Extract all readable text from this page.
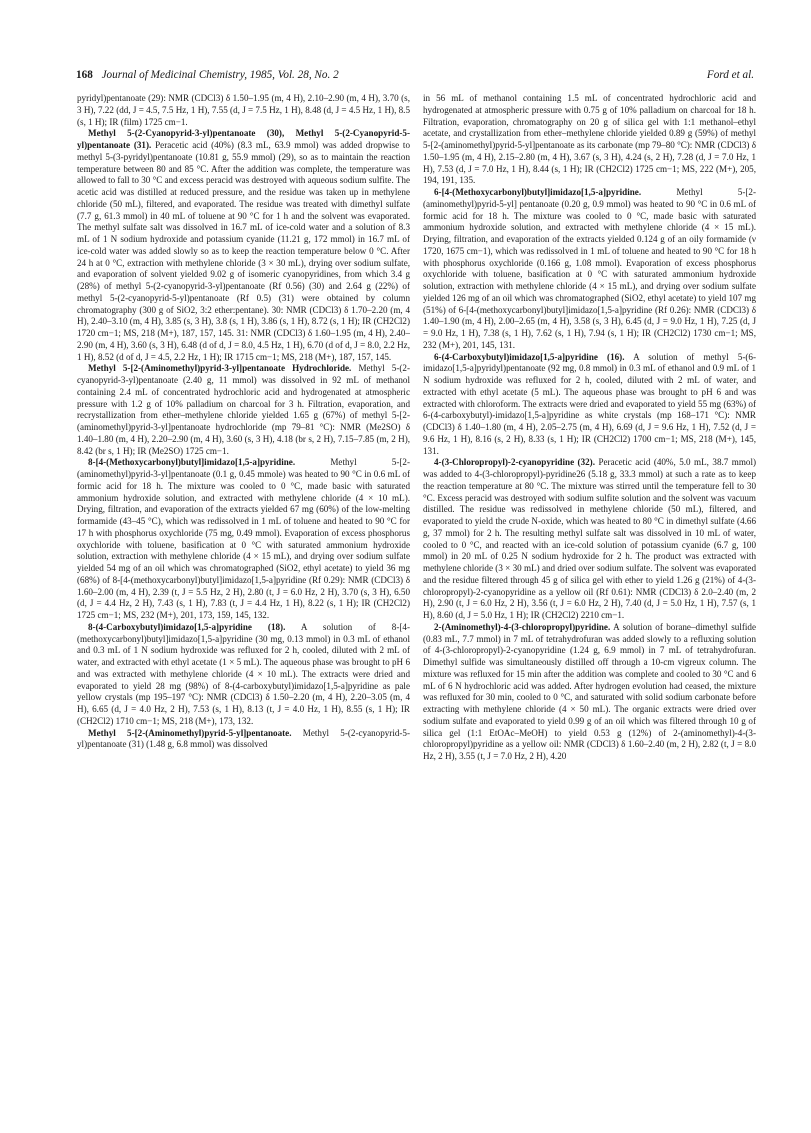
168 Journal of Medicinal Chemistry, 1985, Vol. 28, No. 2	Ford et al.

pyridyl)pentanoate (29): NMR (CDCl3) δ 1.50–1.95 (m, 4 H), 2.10–2.90 (m, 4 H), 3.70 (s, 3 H), 7.22 (dd, J = 4.5, 7.5 Hz, 1 H), 7.55 (d, J = 7.5 Hz, 1 H), 8.48 (d, J = 4.5 Hz, 1 H), 8.5 (s, 1 H); IR (film) 1725 cm−1.

Methyl 5-(2-Cyanopyrid-3-yl)pentanoate (30), Methyl 5-(2-Cyanopyrid-5-yl)pentanoate (31). Peracetic acid (40%) (8.3 mL, 63.9 mmol) was added dropwise to methyl 5-(3-pyridyl)pentanoate (10.81 g, 55.9 mmol) (29), so as to maintain the reaction temperature between 80 and 85 °C. After the addition was complete, the temperature was allowed to fall to 30 °C and excess peracid was destroyed with aqueous sodium sulfite. The acetic acid was distilled at reduced pressure, and the residue was taken up in methylene chloride (50 mL), filtered, and evaporated. The residue was treated with dimethyl sulfate (7.7 g, 61.3 mmol) in 40 mL of toluene at 90 °C for 1 h and the solvent was evaporated. The methyl sulfate salt was dissolved in 16.7 mL of ice-cold water and a solution of 8.3 mL of 1 N sodium hydroxide and potassium cyanide (11.21 g, 172 mmol) in 16.7 mL of ice-cold water was added slowly so as to keep the reaction temperature below 0 °C. After 24 h at 0 °C, extraction with methylene chloride (3 × 30 mL), drying over sodium sulfate, and evaporation of solvent yielded 9.02 g of isomeric cyanopyridines, from which 3.4 g (28%) of methyl 5-(2-cyanopyrid-3-yl)pentanoate (Rf 0.56) (30) and 2.64 g (22%) of methyl 5-(2-cyanopyrid-5-yl)pentanoate (Rf 0.5) (31) were obtained by column chromatography (300 g of SiO2, 3:2 ether:pentane). 30: NMR (CDCl3) δ 1.70–2.20 (m, 4 H), 2.40–3.10 (m, 4 H), 3.85 (s, 3 H), 3.8 (s, 1 H), 3.86 (s, 1 H), 8.72 (s, 1 H); IR (CH2Cl2) 1720 cm−1; MS, 218 (M+), 187, 157, 145. 31: NMR (CDCl3) δ 1.60–1.95 (m, 4 H), 2.40–2.90 (m, 4 H), 3.60 (s, 3 H), 6.48 (d of d, J = 8.0, 4.5 Hz, 1 H), 6.70 (d of d, J = 8.0, 2.2 Hz, 1 H), 8.52 (d of d, J = 4.5, 2.2 Hz, 1 H); IR 1715 cm−1; MS, 218 (M+), 187, 157, 145.

Methyl 5-[2-(Aminomethyl)pyrid-3-yl]pentanoate Hydrochloride. Methyl 5-(2-cyanopyrid-3-yl)pentanoate (2.40 g, 11 mmol) was dissolved in 92 mL of methanol containing 2.4 mL of concentrated hydrochloric acid and hydrogenated at atmospheric pressure with 1.2 g of 10% palladium on charcoal for 3 h. Filtration, evaporation, and recrystallization from ether–methylene chloride yielded 1.65 g (67%) of methyl 5-[2-(aminomethyl)pyrid-3-yl]pentanoate hydrochloride (mp 79–81 °C): NMR (Me2SO) δ 1.40–1.80 (m, 4 H), 2.20–2.90 (m, 4 H), 3.60 (s, 3 H), 4.18 (br s, 2 H), 7.15–7.85 (m, 2 H), 8.42 (br s, 1 H); IR (Me2SO) 1725 cm−1.

8-[4-(Methoxycarbonyl)butyl]imidazo[1,5-a]pyridine.	Methyl 5-[2-(aminomethyl)pyrid-3-yl]pentanoate (0.1 g, 0.45 mmole) was heated to 90 °C in 0.6 mL of formic acid for 18 h. The mixture was cooled to 0 °C, made basic with saturated ammonium hydroxide solution, and extracted with methylene chloride (4 × 10 mL). Drying, filtration, and evaporation of the extracts yielded 67 mg (60%) of the low-melting formamide (43–45 °C), which was redissolved in 1 mL of toluene and heated to 90 °C for 17 h with phosphorus oxychloride (75 mg, 0.49 mmol). Evaporation of excess phosphorus oxychloride with toluene, basification at 0 °C with saturated ammonium hydroxide solution, extraction with methylene chloride (4 × 15 mL), and drying over sodium sulfate yielded 54 mg of an oil which was chromatographed (SiO2, ethyl acetate) to yield 36 mg (68%) of 8-[4-(methoxycarbonyl)butyl]imidazo[1,5-a]pyridine (Rf 0.29): NMR (CDCl3) δ 1.60–2.00 (m, 4 H), 2.39 (t, J = 5.5 Hz, 2 H), 2.80 (t, J = 6.0 Hz, 2 H), 3.70 (s, 3 H), 6.50 (d, J = 4.4 Hz, 2 H), 7.43 (s, 1 H), 7.83 (t, J = 4.4 Hz, 1 H), 8.22 (s, 1 H); IR (CH2Cl2) 1725 cm−1; MS, 232 (M+), 201, 173, 159, 145, 132.

8-(4-Carboxybutyl)imidazo[1,5-a]pyridine (18). A solution of 8-[4-(methoxycarbonyl)butyl]imidazo[1,5-a]pyridine (30 mg, 0.13 mmol) in 0.3 mL of ethanol and 0.3 mL of 1 N sodium hydroxide was refluxed for 2 h, cooled, diluted with 2 mL of water, and extracted with ethyl acetate (1 × 5 mL). The aqueous phase was brought to pH 6 and was extracted with methylene chloride (4 × 10 mL). The extracts were dried and evaporated to yield 28 mg (98%) of 8-(4-carboxybutyl)imidazo[1,5-a]pyridine as pale yellow crystals (mp 195–197 °C): NMR (CDCl3) δ 1.50–2.20 (m, 4 H), 2.20–3.05 (m, 4 H), 6.65 (d, J = 4.0 Hz, 2 H), 7.53 (s, 1 H), 8.13 (t, J = 4.0 Hz, 1 H), 8.55 (s, 1 H); IR (CH2Cl2) 1710 cm−1; MS, 218 (M+), 173, 132.

Methyl 5-[2-(Aminomethyl)pyrid-5-yl]pentanoate. Methyl 5-(2-cyanopyrid-5-yl)pentanoate (31) (1.48 g, 6.8 mmol) was dissolved

in 56 mL of methanol containing 1.5 mL of concentrated hydrochloric acid and hydrogenated at atmospheric pressure with 0.75 g of 10% palladium on charcoal for 18 h. Filtration, evaporation, chromatography on 20 g of silica gel with 1:1 methanol–ethyl acetate, and crystallization from ether–methylene chloride yielded 0.89 g (59%) of methyl 5-[2-(aminomethyl)pyrid-5-yl]pentanoate as its carbonate (mp 79–80 °C): NMR (CDCl3) δ 1.50–1.95 (m, 4 H), 2.15–2.80 (m, 4 H), 3.67 (s, 3 H), 4.24 (s, 2 H), 7.28 (d, J = 7.0 Hz, 1 H), 7.53 (d, J = 7.0 Hz, 1 H), 8.44 (s, 1 H); IR (CH2Cl2) 1725 cm−1; MS, 222 (M+), 205, 194, 191, 135.

6-[4-(Methoxycarbonyl)butyl]imidazo[1,5-a]pyridine.	Methyl 5-[2-(aminomethyl)pyrid-5-yl] pentanoate (0.20 g, 0.9 mmol) was heated to 90 °C in 0.6 mL of formic acid for 18 h. The mixture was cooled to 0 °C, made basic with saturated ammonium hydroxide solution, and extracted with methylene chloride (4 × 15 mL). Drying, filtration, and evaporation of the extracts yielded 0.124 g of an oily formamide (ν 1720, 1675 cm−1), which was redissolved in 1 mL of toluene and heated to 90 °C for 18 h with phosphorus oxychloride (0.166 g, 1.08 mmol). Evaporation of excess phosphorus oxychloride with toluene, basification at 0 °C with saturated ammonium hydroxide solution, extraction with methylene chloride (4 × 15 mL), and drying over sodium sulfate yielded 126 mg of an oil which was chromatographed (SiO2, ethyl acetate) to yield 107 mg (51%) of 6-[4-(methoxycarbonyl)butyl]imidazo[1,5-a]pyridine (Rf 0.26): NMR (CDCl3) δ 1.40–1.90 (m, 4 H), 2.00–2.65 (m, 4 H), 3.58 (s, 3 H), 6.45 (d, J = 9.0 Hz, 1 H), 7.25 (d, J = 9.0 Hz, 1 H), 7.38 (s, 1 H), 7.62 (s, 1 H), 7.94 (s, 1 H); IR (CH2Cl2) 1730 cm−1; MS, 232 (M+), 201, 145, 131.

6-(4-Carboxybutyl)imidazo[1,5-a]pyridine (16). A solution of methyl 5-(6-imidazo[1,5-a]pyridyl)pentanoate (92 mg, 0.8 mmol) in 0.3 mL of ethanol and 0.9 mL of 1 N sodium hydroxide was refluxed for 2 h, cooled, diluted with 2 mL of water, and extracted with ethyl acetate (5 mL). The aqueous phase was brought to pH 6 and was extracted with chloroform. The extracts were dried and evaporated to yield 55 mg (63%) of 6-(4-carboxybutyl)-imidazo[1,5-a]pyridine as white crystals (mp 168–171 °C): NMR (CDCl3) δ 1.40–1.80 (m, 4 H), 2.05–2.75 (m, 4 H), 6.69 (d, J = 9.6 Hz, 1 H), 7.52 (d, J = 9.6 Hz, 1 H), 8.16 (s, 2 H), 8.33 (s, 1 H); IR (CH2Cl2) 1700 cm−1; MS, 218 (M+), 145, 131.

4-(3-Chloropropyl)-2-cyanopyridine (32). Peracetic acid (40%, 5.0 mL, 38.7 mmol) was added to 4-(3-chloropropyl)-pyridine26 (5.18 g, 33.3 mmol) at such a rate as to keep the reaction temperature at 80 °C. The mixture was stirred until the temperature fell to 30 °C. Excess peracid was destroyed with sodium sulfite solution and the solvent was vacuum distilled. The residue was redissolved in methylene chloride (50 mL), filtered, and evaporated to yield the crude N-oxide, which was heated to 80 °C in dimethyl sulfate (4.66 g, 37 mmol) for 2 h. The resulting methyl sulfate salt was dissolved in 10 mL of water, cooled to 0 °C, and reacted with an ice-cold solution of potassium cyanide (6.7 g, 100 mmol) in 20 mL of 0.25 N sodium hydroxide for 2 h. The product was extracted with methylene chloride (3 × 30 mL) and dried over sodium sulfate. The solvent was evaporated and the residue filtered through 45 g of silica gel with ether to yield 1.26 g (21%) of 4-(3-chloropropyl)-2-cyanopyridine as a yellow oil (Rf 0.61): NMR (CDCl3) δ 2.0–2.40 (m, 2 H), 2.90 (t, J = 6.0 Hz, 2 H), 3.56 (t, J = 6.0 Hz, 2 H), 7.40 (d, J = 5.0 Hz, 1 H), 7.57 (s, 1 H), 8.60 (d, J = 5.0 Hz, 1 H); IR (CH2Cl2) 2210 cm−1.

2-(Aminomethyl)-4-(3-chloropropyl)pyridine. A solution of borane–dimethyl sulfide (0.83 mL, 7.7 mmol) in 7 mL of tetrahydrofuran was added slowly to a refluxing solution of 4-(3-chloropropyl)-2-cyanopyridine (1.24 g, 6.9 mmol) in 7 mL of tetrahydrofuran. Dimethyl sulfide was simultaneously distilled off through a 10-cm vigreux column. The mixture was refluxed for 15 min after the addition was complete and cooled to 30 °C and 6 mL of 6 N hydrochloric acid was added. After hydrogen evolution had ceased, the mixture was refluxed for 30 min, cooled to 0 °C, and saturated with solid sodium carbonate before extracting with methylene chloride (4 × 50 mL). The organic extracts were dried over sodium sulfate and evaporated to yield 0.99 g of an oil which was filtered through 10 g of silica gel (1:1 EtOAc–MeOH) to yield 0.53 g (12%) of 2-(aminomethyl)-4-(3-chloropropyl)pyridine as a yellow oil: NMR (CDCl3) δ 1.60–2.40 (m, 2 H), 2.82 (t, J = 8.0 Hz, 2 H), 3.55 (t, J = 7.0 Hz, 2 H), 4.20
